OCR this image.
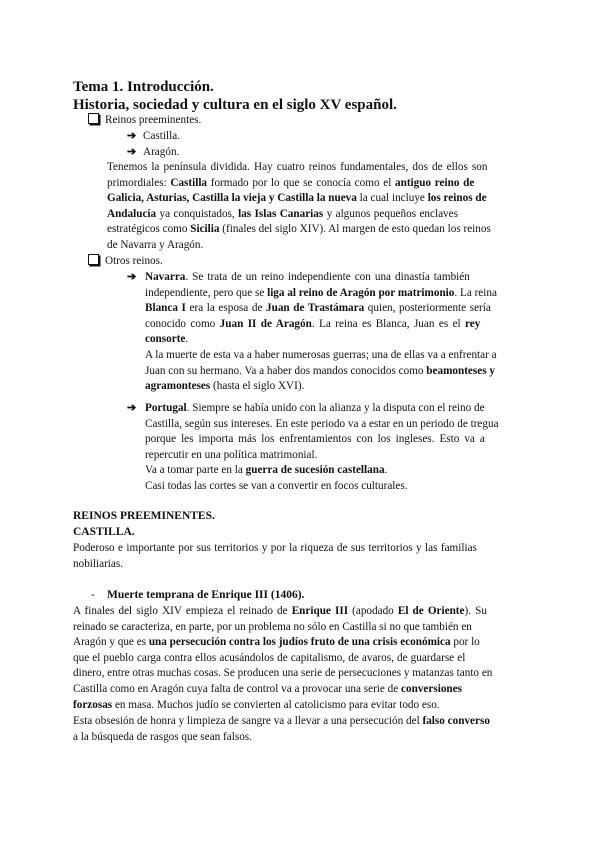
Tema 1. Introducción.
Historia, sociedad y cultura en el siglo XV español.
Reinos preeminentes.
➔ Castilla.
➔ Aragón.
Tenemos la península dividida. Hay cuatro reinos fundamentales, dos de ellos son
primordiales: Castilla formado por lo que se conocía como el antiguo reino de
Galicia, Asturias, Castilla la vieja y Castilla la nueva la cual incluye los reinos de
Andalucía ya conquistados, las Islas Canarias y algunos pequeños enclaves
estratégicos como Sicilia (finales del siglo XIV). Al margen de esto quedan los reinos
de Navarra y Aragón.
Otros reinos.
➔ Navarra. Se trata de un reino independiente con una dinastía también
independiente, pero que se liga al reino de Aragón por matrimonio. La reina
Blanca I era la esposa de Juan de Trastámara quien, posteriormente sería
conocido como Juan II de Aragón. La reina es Blanca, Juan es el rey
consorte.
A la muerte de esta va a haber numerosas guerras; una de ellas va a enfrentar a
Juan con su hermano. Va a haber dos mandos conocidos como beamonteses y
agramonteses (hasta el siglo XVI).
➔ Portugal. Siempre se había unido con la alianza y la disputa con el reino de
Castilla, según sus intereses. En este periodo va a estar en un periodo de tregua
porque les importa más los enfrentamientos con los ingleses. Esto va a
repercutir en una política matrimonial.
Va a tomar parte en la guerra de sucesión castellana.
Casi todas las cortes se van a convertir en focos culturales.
REINOS PREEMINENTES.
CASTILLA.
Poderoso e importante por sus territorios y por la riqueza de sus territorios y las familias
nobiliarias.
- Muerte temprana de Enrique III (1406).
A finales del siglo XIV empieza el reinado de Enrique III (apodado El de Oriente). Su
reinado se caracteriza, en parte, por un problema no sólo en Castilla si no que también en
Aragón y que es una persecución contra los judíos fruto de una crisis económica por lo
que el pueblo carga contra ellos acusándolos de capitalismo, de avaros, de guardarse el
dinero, entre otras muchas cosas. Se producen una serie de persecuciones y matanzas tanto en
Castilla como en Aragón cuya falta de control va a provocar una serie de conversiones
forzosas en masa. Muchos judío se convierten al catolicismo para evitar todo eso.
Esta obsesión de honra y limpieza de sangre va a llevar a una persecución del falso converso
a la búsqueda de rasgos que sean falsos.
